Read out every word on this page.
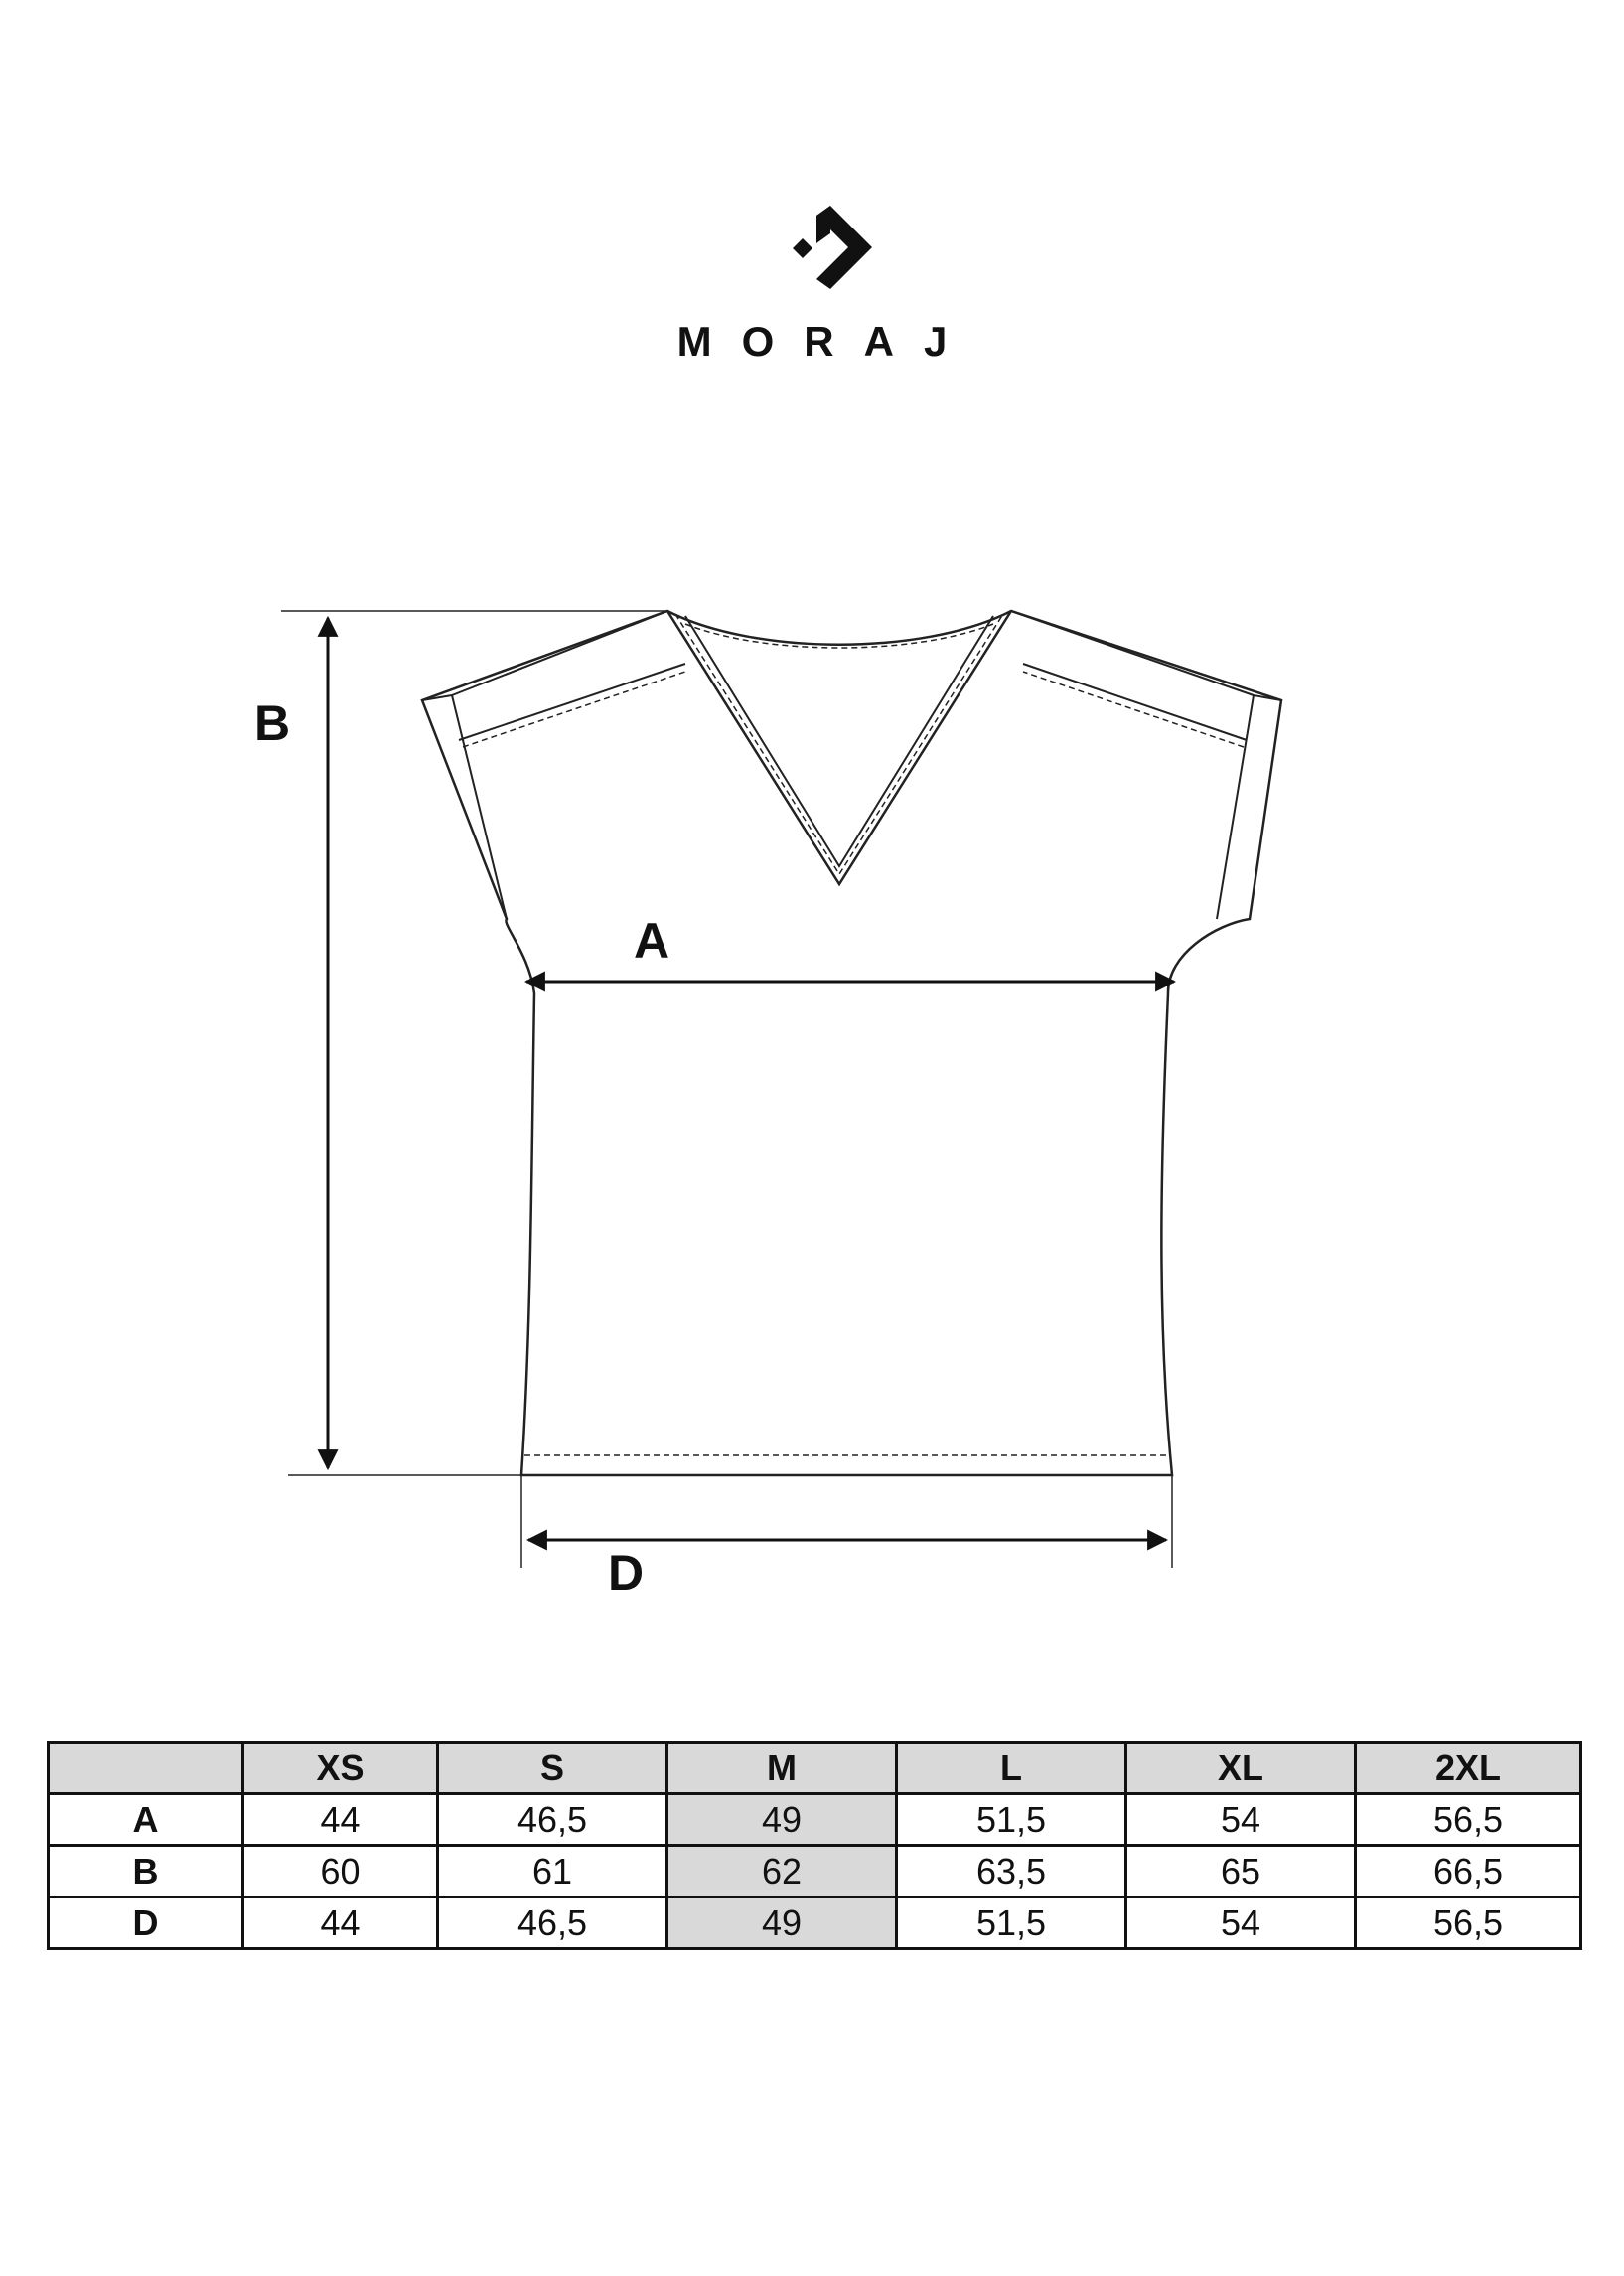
MORAJ
B
A
D
	XS	S	M	L	XL	2XL
A	44	46,5	49	51,5	54	56,5
B	60	61	62	63,5	65	66,5
D	44	46,5	49	51,5	54	56,5
